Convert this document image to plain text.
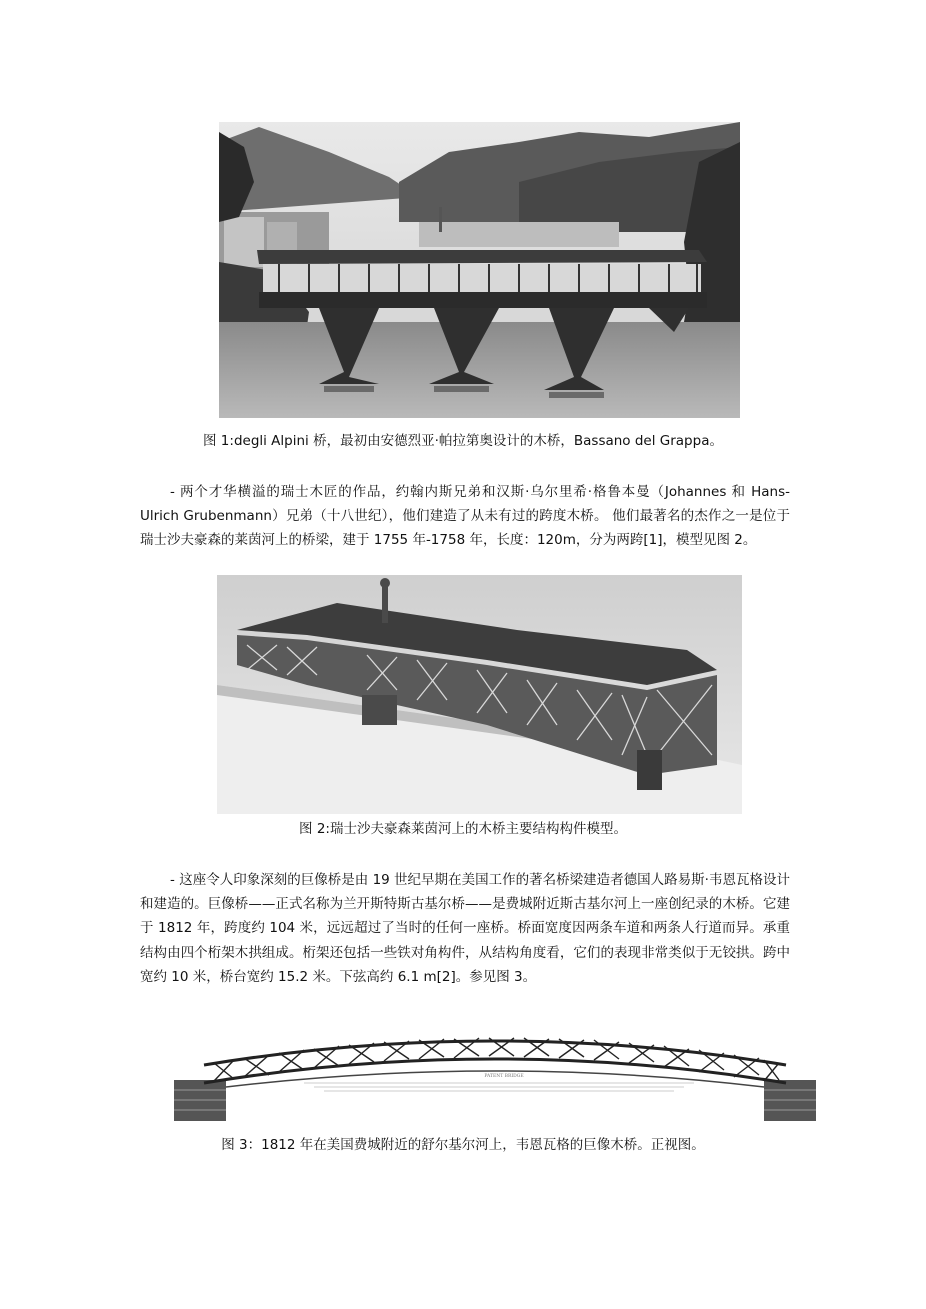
图 1:degli Alpini 桥，最初由安德烈亚·帕拉第奥设计的木桥，Bassano del Grappa。
- 两个才华横溢的瑞士木匠的作品，约翰内斯兄弟和汉斯·乌尔里希·格鲁本曼（Johannes 和 Hans-Ulrich Grubenmann）兄弟（十八世纪），他们建造了从未有过的跨度木桥。 他们最著名的杰作之一是位于瑞士沙夫豪森的莱茵河上的桥梁，建于 1755 年-1758 年，长度：120m，分为两跨[1]，模型见图 2。
图 2:瑞士沙夫豪森莱茵河上的木桥主要结构构件模型。
- 这座令人印象深刻的巨像桥是由 19 世纪早期在美国工作的著名桥梁建造者德国人路易斯·韦恩瓦格设计和建造的。巨像桥——正式名称为兰开斯特斯古基尔桥——是费城附近斯古基尔河上一座创纪录的木桥。它建于 1812 年，跨度约 104 米，远远超过了当时的任何一座桥。桥面宽度因两条车道和两条人行道而异。承重结构由四个桁架木拱组成。桁架还包括一些铁对角构件，从结构角度看，它们的表现非常类似于无铰拱。跨中宽约 10 米，桥台宽约 15.2 米。下弦高约 6.1 m[2]。参见图 3。
PATENT BRIDGE
图 3：1812 年在美国费城附近的舒尔基尔河上，韦恩瓦格的巨像木桥。正视图。
